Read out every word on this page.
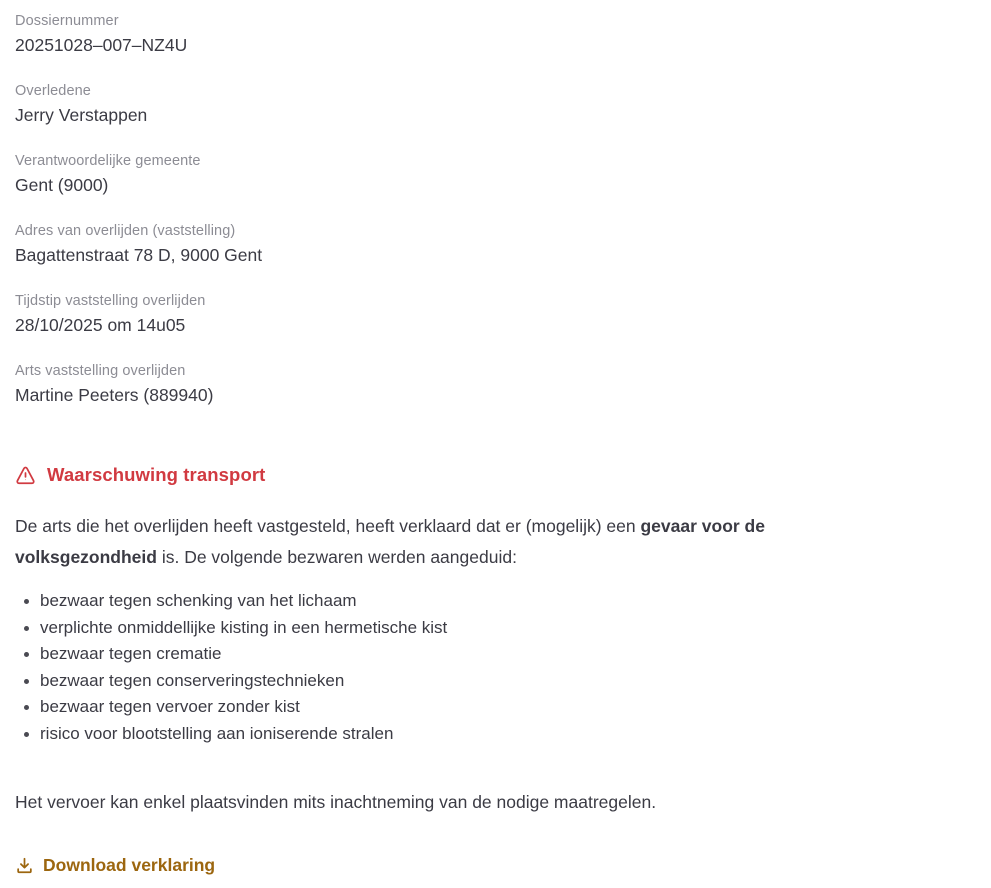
Dossiernummer
20251028–007–NZ4U
Overledene
Jerry Verstappen
Verantwoordelijke gemeente
Gent (9000)
Adres van overlijden (vaststelling)
Bagattenstraat 78 D, 9000 Gent
Tijdstip vaststelling overlijden
28/10/2025 om 14u05
Arts vaststelling overlijden
Martine Peeters (889940)
Waarschuwing transport

De arts die het overlijden heeft vastgesteld, heeft verklaard dat er (mogelijk) een gevaar voor de
volksgezondheid is. De volgende bezwaren werden aangeduid:

bezwaar tegen schenking van het lichaam
verplichte onmiddellijke kisting in een hermetische kist
bezwaar tegen crematie
bezwaar tegen conserveringstechnieken
bezwaar tegen vervoer zonder kist
risico voor blootstelling aan ioniserende stralen

Het vervoer kan enkel plaatsvinden mits inachtneming van de nodige maatregelen.

Download verklaring
